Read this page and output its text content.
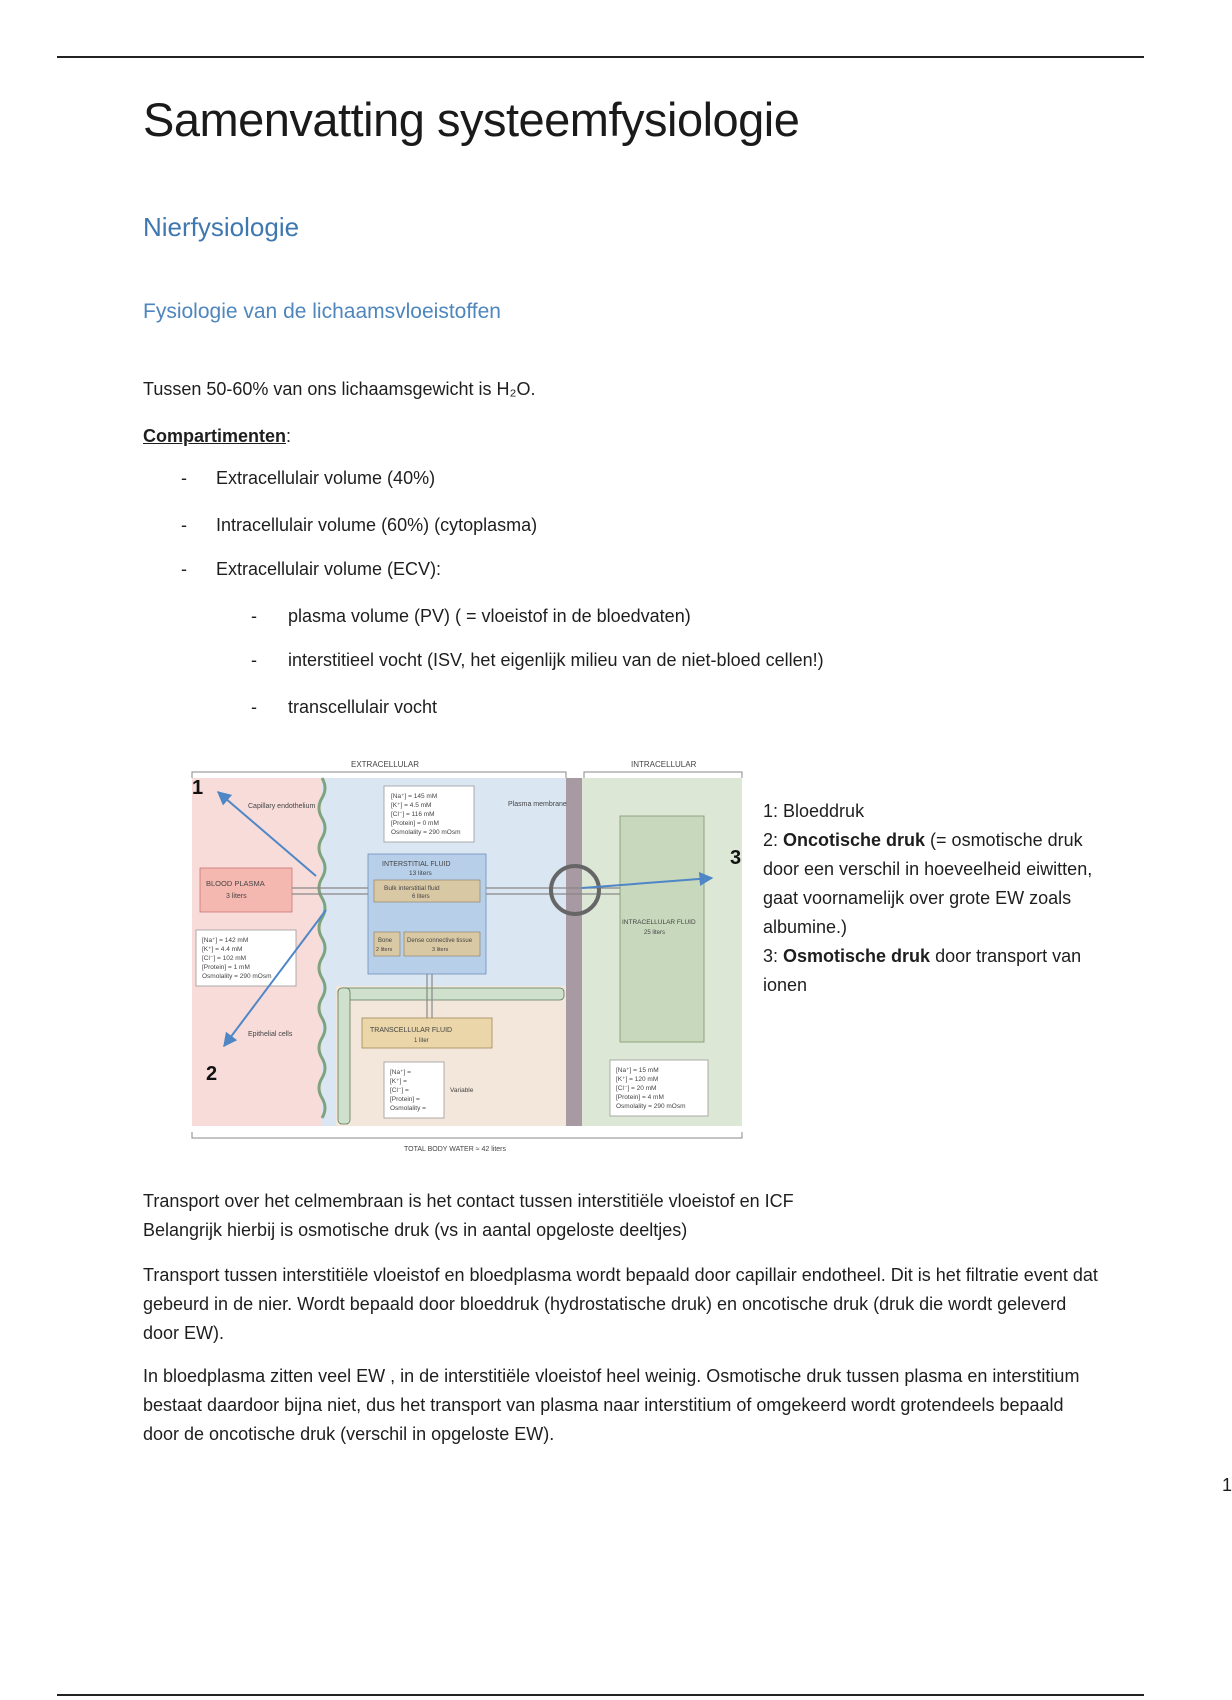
Samenvatting systeemfysiologie
Nierfysiologie
Fysiologie van de lichaamsvloeistoffen

Tussen 50-60% van ons lichaamsgewicht is H₂O.

Compartimenten:

- Extracellulair volume (40%)
- Intracellulair volume (60%) (cytoplasma)
- Extracellulair volume (ECV):
- plasma volume (PV) ( = vloeistof in de bloedvaten)
- interstitieel vocht (ISV, het eigenlijk milieu van de niet-bloed cellen!)
- transcellulair vocht

Transport over het celmembraan is het contact tussen interstitiële vloeistof en ICF
Belangrijk hierbij is osmotische druk (vs in aantal opgeloste deeltjes)

Transport tussen interstitiële vloeistof en bloedplasma wordt bepaald door capillair endotheel. Dit is het filtratie event dat gebeurd in de nier. Wordt bepaald door bloeddruk (hydrostatische druk) en oncotische druk (druk die wordt geleverd door EW).

In bloedplasma zitten veel EW , in de interstitiële vloeistof heel weinig. Osmotische druk tussen plasma en interstitium bestaat daardoor bijna niet, dus het transport van plasma naar interstitium of omgekeerd wordt grotendeels bepaald door de oncotische druk (verschil in opgeloste EW).

1
EXTRACELLULAR	INTRACELLULAR
Capillary endothelium	Plasma membrane
Epithelial cells
[Na⁺] = 145 mM
[K⁺] = 4.5 mM
[Cl⁻] = 116 mM
[Protein] = 0 mM
Osmolality = 290 mOsm
BLOOD PLASMA
3 liters
[Na⁺] = 142 mM
[K⁺] = 4.4 mM
[Cl⁻] = 102 mM
[Protein] = 1 mM
Osmolality = 290 mOsm
INTERSTITIAL FLUID
13 liters
Bulk interstitial fluid
6 liters
Bone
2 liters
Dense connective tissue
3 liters
TRANSCELLULAR FLUID
1 liter
[Na⁺] =
[K⁺] =
[Cl⁻] =
[Protein] =
Osmolality =
Variable
INTRACELLULAR FLUID
25 liters
[Na⁺] = 15 mM
[K⁺] = 120 mM
[Cl⁻] = 20 mM
[Protein] = 4 mM
Osmolality = 290 mOsm
1
2
3
TOTAL BODY WATER ≈ 42 liters
1: Bloeddruk
2: Oncotische druk (= osmotische druk door een verschil in hoeveelheid eiwitten, gaat voornamelijk over grote EW zoals albumine.)
3: Osmotische druk door transport van ionen
